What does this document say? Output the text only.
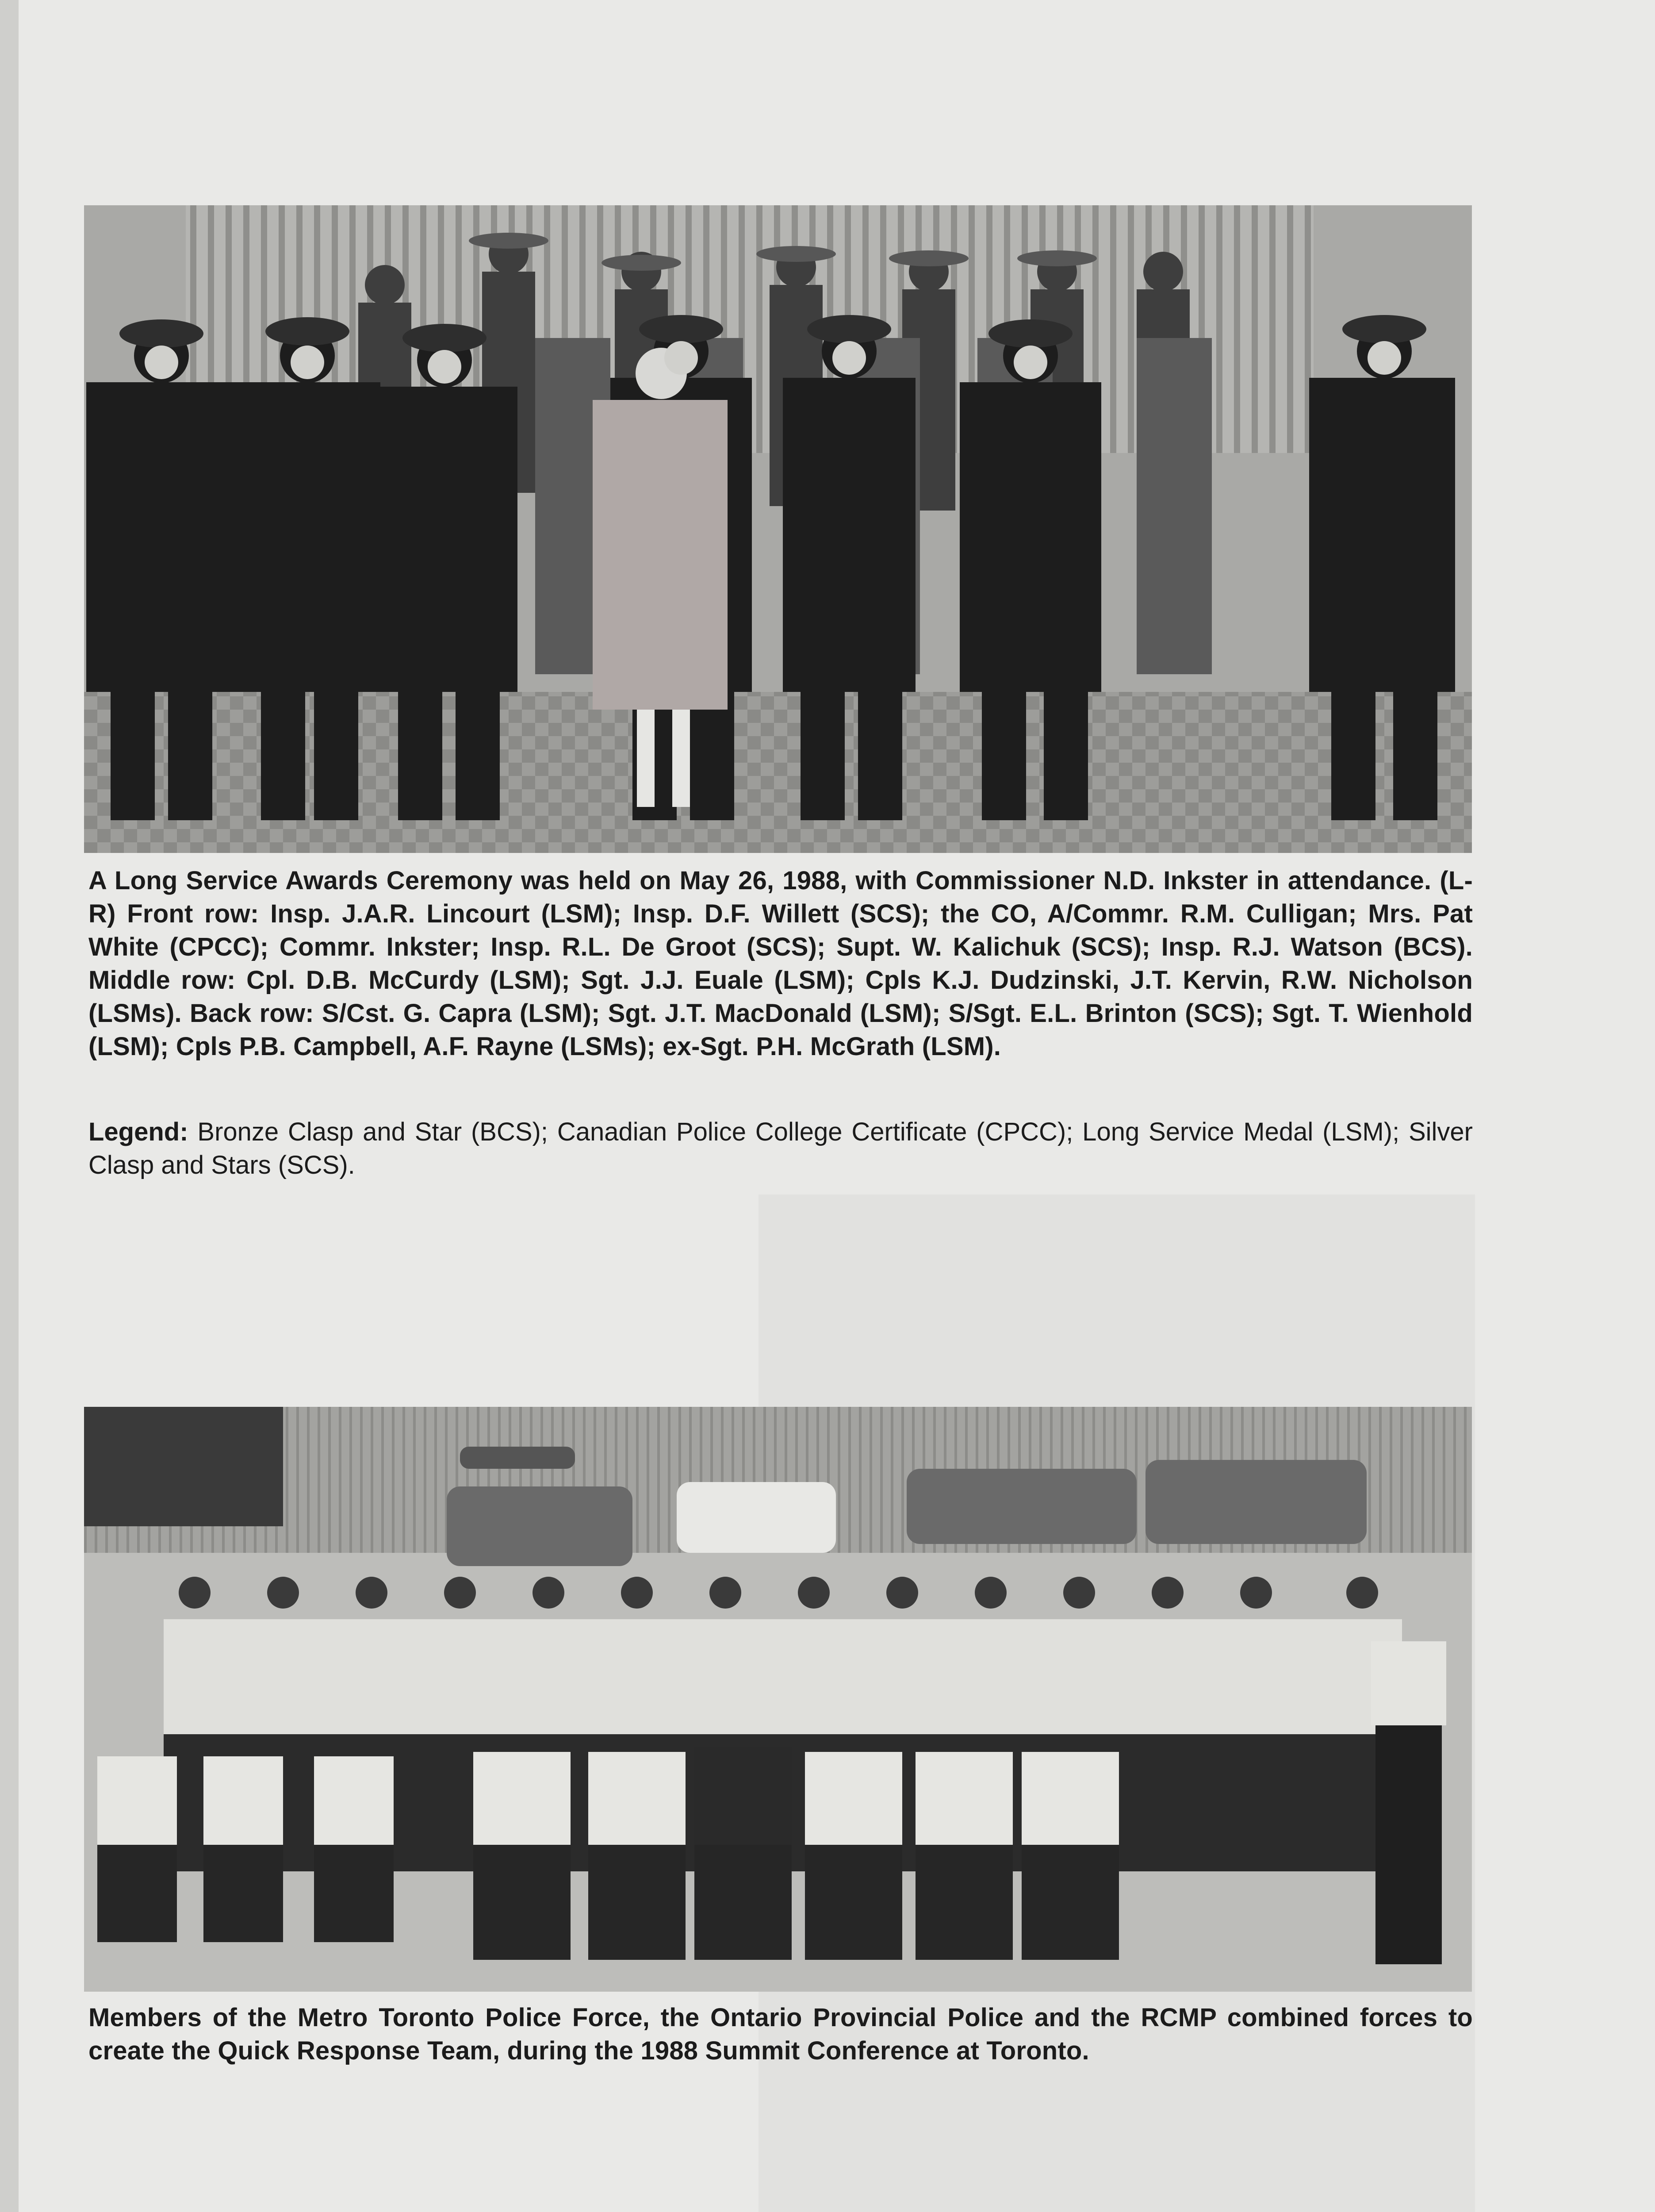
A Long Service Awards Ceremony was held on May 26, 1988, with Commissioner N.D. Inkster in attendance. (L-R) Front row: Insp. J.A.R. Lincourt (LSM); Insp. D.F. Willett (SCS); the CO, A/Commr. R.M. Culligan; Mrs. Pat White (CPCC); Commr. Inkster; Insp. R.L. De Groot (SCS); Supt. W. Kalichuk (SCS); Insp. R.J. Watson (BCS). Middle row: Cpl. D.B. McCurdy (LSM); Sgt. J.J. Euale (LSM); Cpls K.J. Dudzinski, J.T. Kervin, R.W. Nicholson (LSMs). Back row: S/Cst. G. Capra (LSM); Sgt. J.T. MacDonald (LSM); S/Sgt. E.L. Brinton (SCS); Sgt. T. Wienhold (LSM); Cpls P.B. Campbell, A.F. Rayne (LSMs); ex-Sgt. P.H. McGrath (LSM).
Legend: Bronze Clasp and Star (BCS); Canadian Police College Certificate (CPCC); Long Service Medal (LSM); Silver Clasp and Stars (SCS).
Members of the Metro Toronto Police Force, the Ontario Provincial Police and the RCMP combined forces to create the Quick Response Team, during the 1988 Summit Conference at Toronto.
